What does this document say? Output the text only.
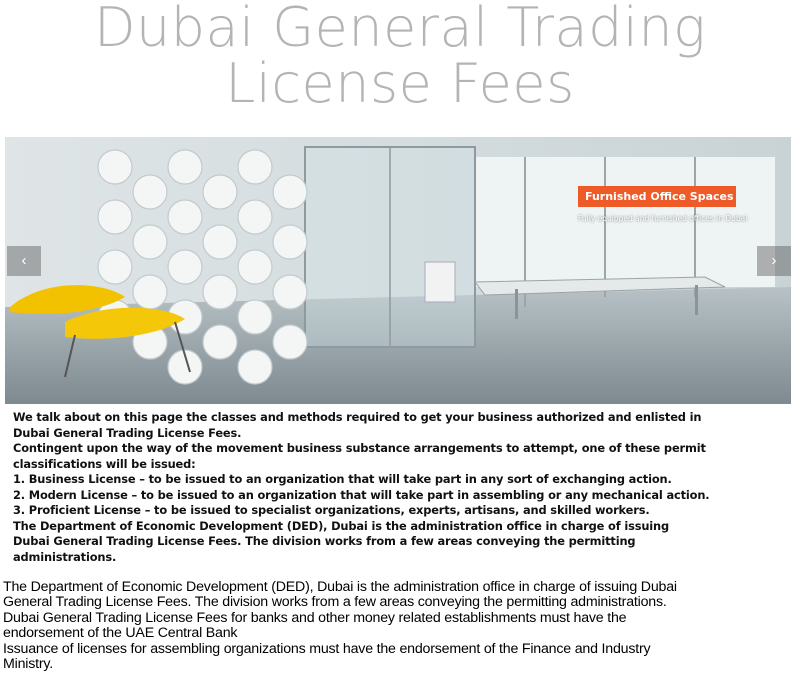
Dubai General Trading
License Fees
Furnished Office Spaces
Fully equipped and furnished offices in Dubai
‹	›
We talk about on this page the classes and methods required to get your business authorized and enlisted in
Dubai General Trading License Fees.
Contingent upon the way of the movement business substance arrangements to attempt, one of these permit
classifications will be issued:
1. Business License – to be issued to an organization that will take part in any sort of exchanging action.
2. Modern License – to be issued to an organization that will take part in assembling or any mechanical action.
3. Proficient License – to be issued to specialist organizations, experts, artisans, and skilled workers.
The Department of Economic Development (DED), Dubai is the administration office in charge of issuing
Dubai General Trading License Fees. The division works from a few areas conveying the permitting
administrations.
The Department of Economic Development (DED), Dubai is the administration office in charge of issuing Dubai
General Trading License Fees. The division works from a few areas conveying the permitting administrations.
Dubai General Trading License Fees for banks and other money related establishments must have the
endorsement of the UAE Central Bank
Issuance of licenses for assembling organizations must have the endorsement of the Finance and Industry
Ministry.
